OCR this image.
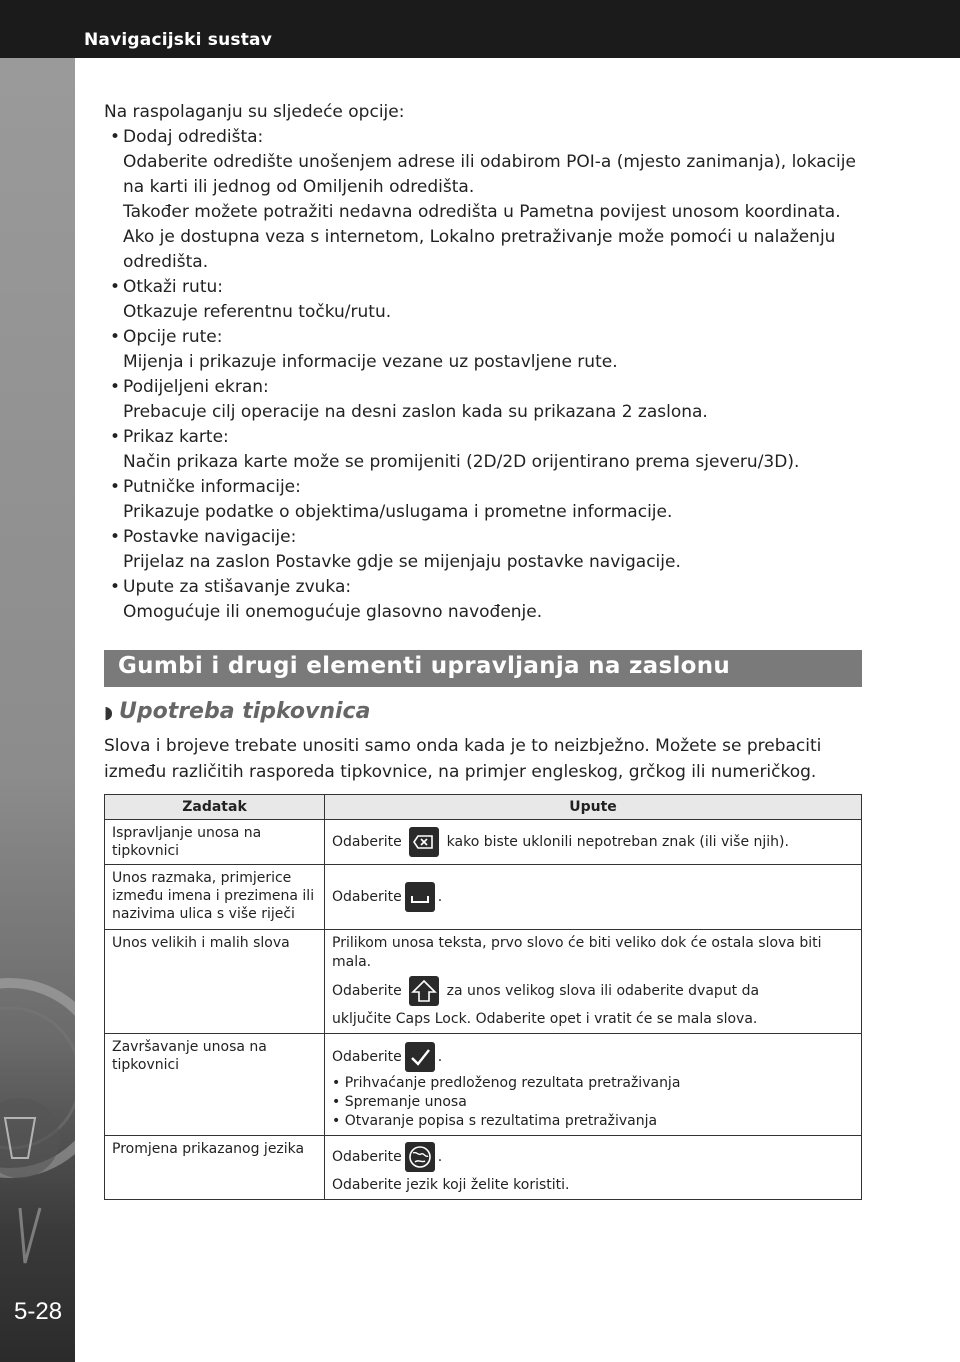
Navigacijski sustav
5-28

Na raspolaganju su sljedeće opcije:

• Dodaj odredišta:
Odaberite odredište unošenjem adrese ili odabirom POI-a (mjesto zanimanja), lokacije na karti ili jednog od Omiljenih odredišta.
Također možete potražiti nedavna odredišta u Pametna povijest unosom koordinata. Ako je dostupna veza s internetom, Lokalno pretraživanje može pomoći u nalaženju odredišta.
• Otkaži rutu:
Otkazuje referentnu točku/rutu.
• Opcije rute:
Mijenja i prikazuje informacije vezane uz postavljene rute.
• Podijeljeni ekran:
Prebacuje cilj operacije na desni zaslon kada su prikazana 2 zaslona.
• Prikaz karte:
Način prikaza karte može se promijeniti (2D/2D orijentirano prema sjeveru/3D).
• Putničke informacije:
Prikazuje podatke o objektima/uslugama i prometne informacije.
• Postavke navigacije:
Prijelaz na zaslon Postavke gdje se mijenjaju postavke navigacije.
• Upute za stišavanje zvuka:
Omogućuje ili onemogućuje glasovno navođenje.
Gumbi i drugi elementi upravljanja na zaslonu
◗ Upotreba tipkovnica
Slova i brojeve trebate unositi samo onda kada je to neizbježno. Možete se prebaciti između različitih rasporeda tipkovnice, na primjer engleskog, grčkog ili numeričkog.
Zadatak	Upute
Ispravljanje unosa na tipkovnici	Odaberite kako biste uklonili nepotreban znak (ili više njih).
Unos razmaka, primjerice između imena i prezimena ili nazivima ulica s više riječi	Odaberite .
Unos velikih i malih slova	Prilikom unosa teksta, prvo slovo će biti veliko dok će ostala slova biti mala.
Odaberite za unos velikog slova ili odaberite dvaput da
uključite Caps Lock. Odaberite opet i vratit će se mala slova.

Završavanje unosa na tipkovnici	Odaberite .
• Prihvaćanje predloženog rezultata pretraživanja
• Spremanje unosa
• Otvaranje popisa s rezultatima pretraživanja

Promjena prikazanog jezika	Odaberite .
Odaberite jezik koji želite koristiti.
